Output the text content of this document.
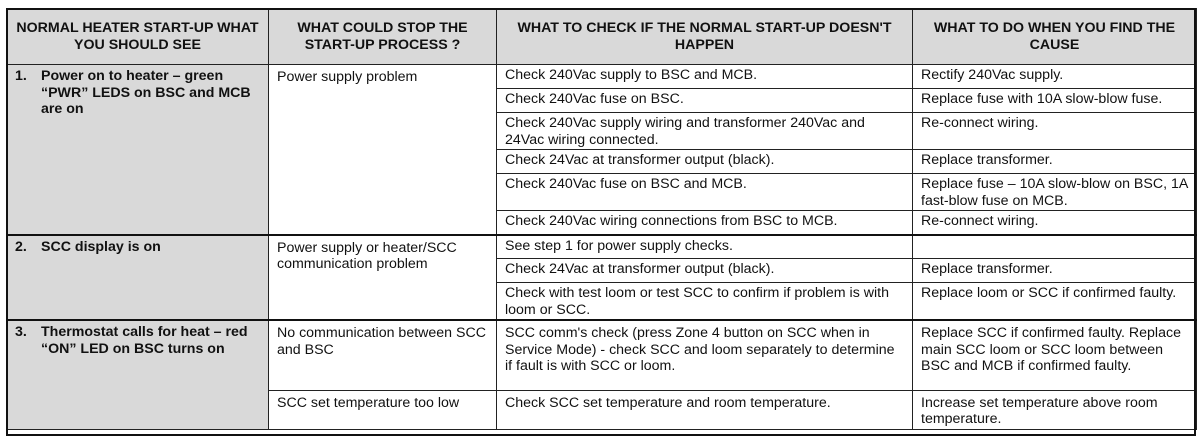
NORMAL HEATER START-UP WHAT YOU SHOULD SEE	WHAT COULD STOP THE START-UP PROCESS ?	WHAT TO CHECK IF THE NORMAL START-UP DOESN'T HAPPEN	WHAT TO DO WHEN YOU FIND THE CAUSE

1. Power on to heater – green “PWR” LEDS on BSC and MCB are on	Power supply problem	Check 240Vac supply to BSC and MCB.	Rectify 240Vac supply.

		Check 240Vac fuse on BSC.	Replace fuse with 10A slow-blow fuse.

		Check 240Vac supply wiring and transformer 240Vac and 24Vac wiring connected.	Re-connect wiring.

		Check 24Vac at transformer output (black).	Replace transformer.

		Check 240Vac fuse on BSC and MCB.	Replace fuse – 10A slow-blow on BSC, 1A fast-blow fuse on MCB.

		Check 240Vac wiring connections from BSC to MCB.	Re-connect wiring.

2. SCC display is on	Power supply or heater/SCC communication problem	See step 1 for power supply checks.	

		Check 24Vac at transformer output (black).	Replace transformer.

		Check with test loom or test SCC to confirm if problem is with loom or SCC.	Replace loom or SCC if confirmed faulty.

3. Thermostat calls for heat – red “ON” LED on BSC turns on	No communication between SCC and BSC	SCC comm's check (press Zone 4 button on SCC when in Service Mode) - check SCC and loom separately to determine if fault is with SCC or loom.	Replace SCC if confirmed faulty. Replace main SCC loom or SCC loom between BSC and MCB if confirmed faulty.

	SCC set temperature too low	Check SCC set temperature and room temperature.	Increase set temperature above room temperature.
